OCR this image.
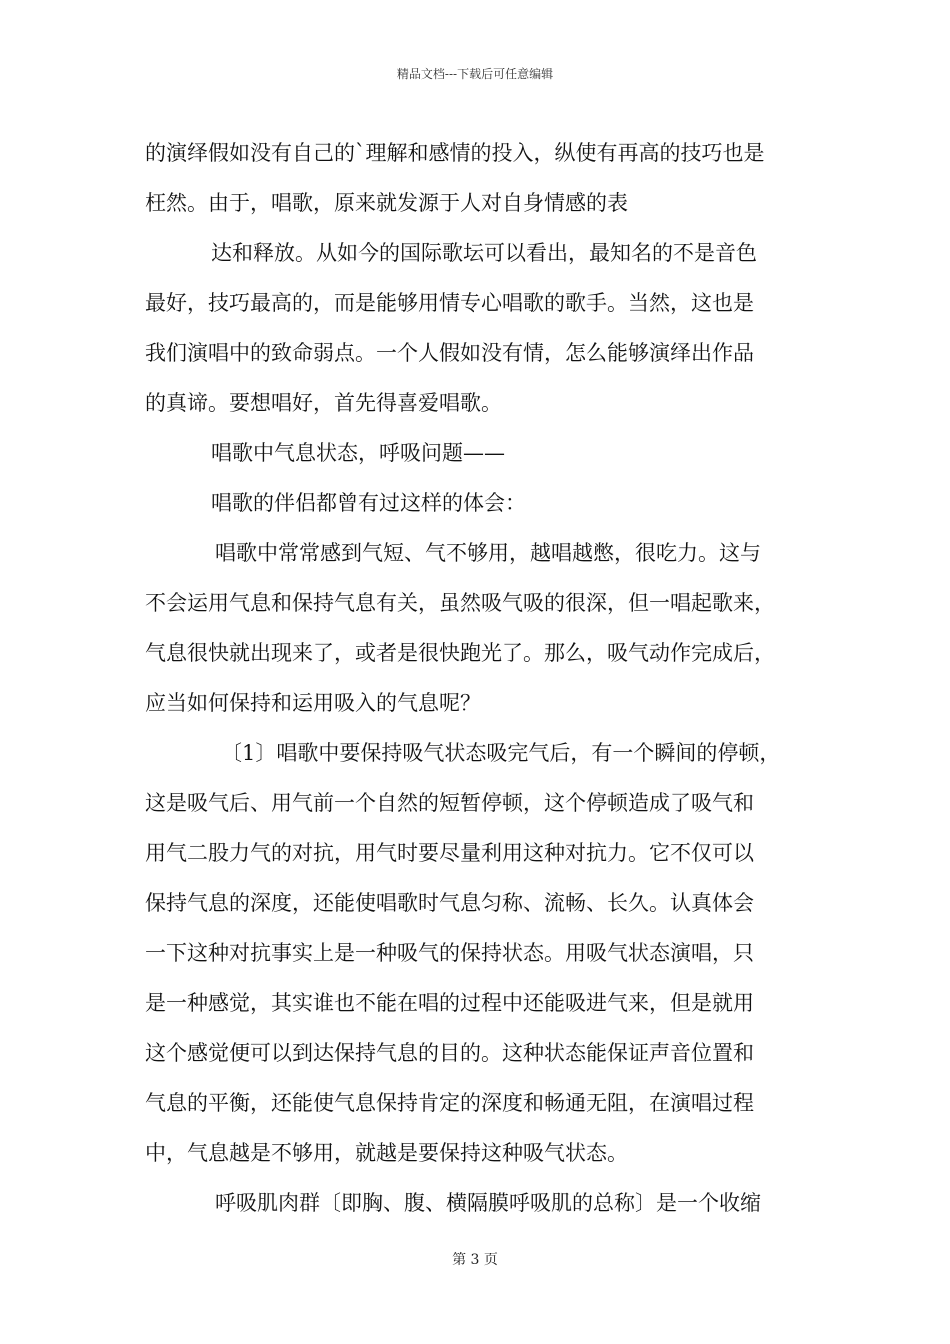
精品文档---下载后可任意编辑
的演绎假如没有自己的`理解和感情的投入，纵使有再高的技巧也是
枉然。由于，唱歌，原来就发源于人对自身情感的表
达和释放。从如今的国际歌坛可以看出，最知名的不是音色
最好，技巧最高的，而是能够用情专心唱歌的歌手。当然，这也是
我们演唱中的致命弱点。一个人假如没有情，怎么能够演绎出作品
的真谛。要想唱好，首先得喜爱唱歌。
唱歌中气息状态，呼吸问题——
唱歌的伴侣都曾有过这样的体会：
唱歌中常常感到气短、气不够用，越唱越憋，很吃力。这与
不会运用气息和保持气息有关，虽然吸气吸的很深，但一唱起歌来，
气息很快就出现来了，或者是很快跑光了。那么，吸气动作完成后，
应当如何保持和运用吸入的气息呢？
〔1〕唱歌中要保持吸气状态吸完气后，有一个瞬间的停顿，
这是吸气后、用气前一个自然的短暂停顿，这个停顿造成了吸气和
用气二股力气的对抗，用气时要尽量利用这种对抗力。它不仅可以
保持气息的深度，还能使唱歌时气息匀称、流畅、长久。认真体会
一下这种对抗事实上是一种吸气的保持状态。用吸气状态演唱，只
是一种感觉，其实谁也不能在唱的过程中还能吸进气来，但是就用
这个感觉便可以到达保持气息的目的。这种状态能保证声音位置和
气息的平衡，还能使气息保持肯定的深度和畅通无阻，在演唱过程
中，气息越是不够用，就越是要保持这种吸气状态。
呼吸肌肉群〔即胸、腹、横隔膜呼吸肌的总称〕是一个收缩
第 3 页
